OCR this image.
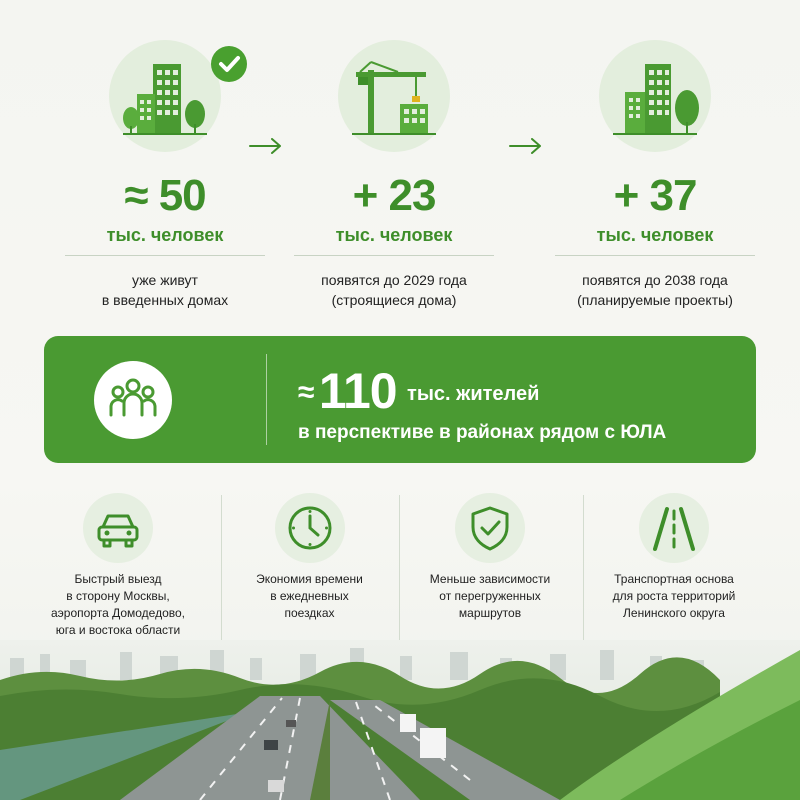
≈ 50
тыс. человек
уже живут
в введенных домах
+ 23
тыс. человек
появятся до 2029 года
(строящиеся дома)
+ 37
тыс. человек
появятся до 2038 года
(планируемые проекты)
≈ 110 тыс. жителей
в перспективе в районах рядом с ЮЛА
Быстрый выезд
в сторону Москвы,
аэропорта Домодедово,
юга и востока области
Экономия времени
в ежедневных
поездках
Меньше зависимости
от перегруженных
маршрутов
Транспортная основа
для роста территорий
Ленинского округа
